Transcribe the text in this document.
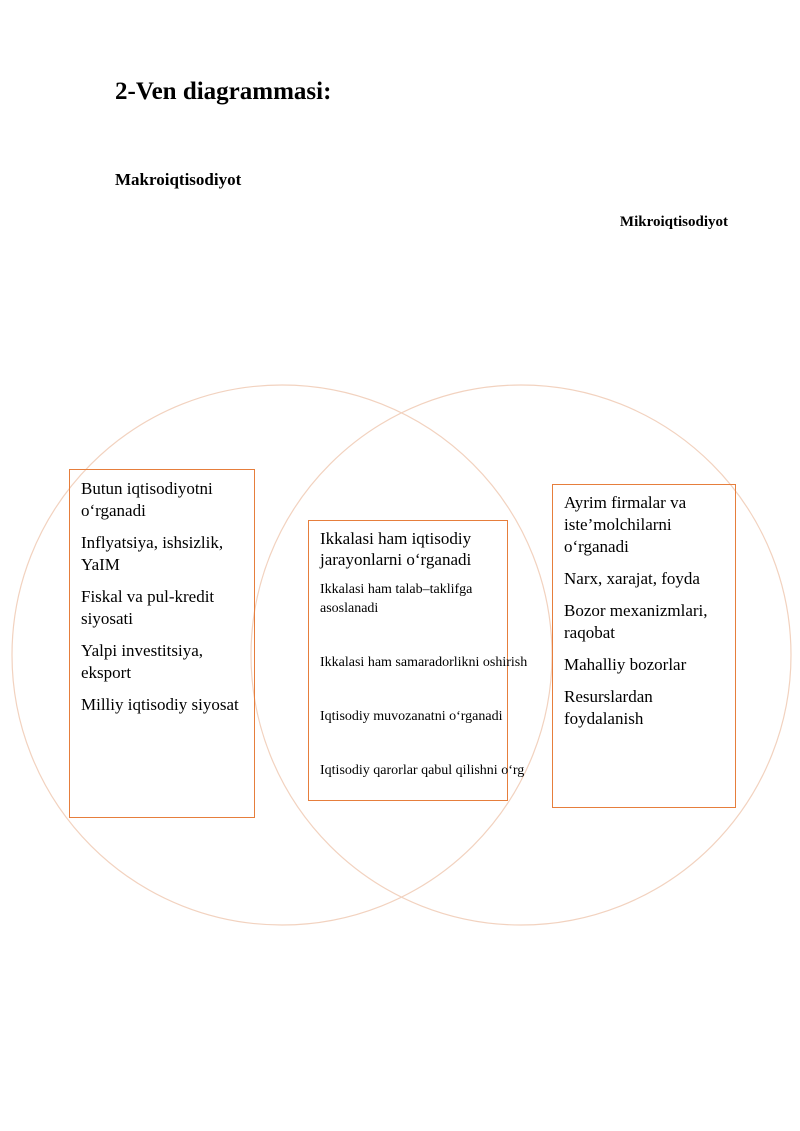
2-Ven diagrammasi:
Makroiqtisodiyot
Mikroiqtisodiyot

Butun iqtisodiyotni o‘rganadi

Inflyatsiya, ishsizlik, YaIM

Fiskal va pul-kredit siyosati

Yalpi investitsiya, eksport

Milliy iqtisodiy siyosat

Ikkalasi ham iqtisodiy jarayonlarni o‘rganadi

Ikkalasi ham talab–taklifga asoslanadi

Ikkalasi ham samaradorlikni oshirish

Iqtisodiy muvozanatni o‘rganadi

Iqtisodiy qarorlar qabul qilishni o‘rg

Ayrim firmalar va iste’molchilarni o‘rganadi

Narx, xarajat, foyda

Bozor mexanizmlari, raqobat

Mahalliy bozorlar

Resurslardan foydalanish
